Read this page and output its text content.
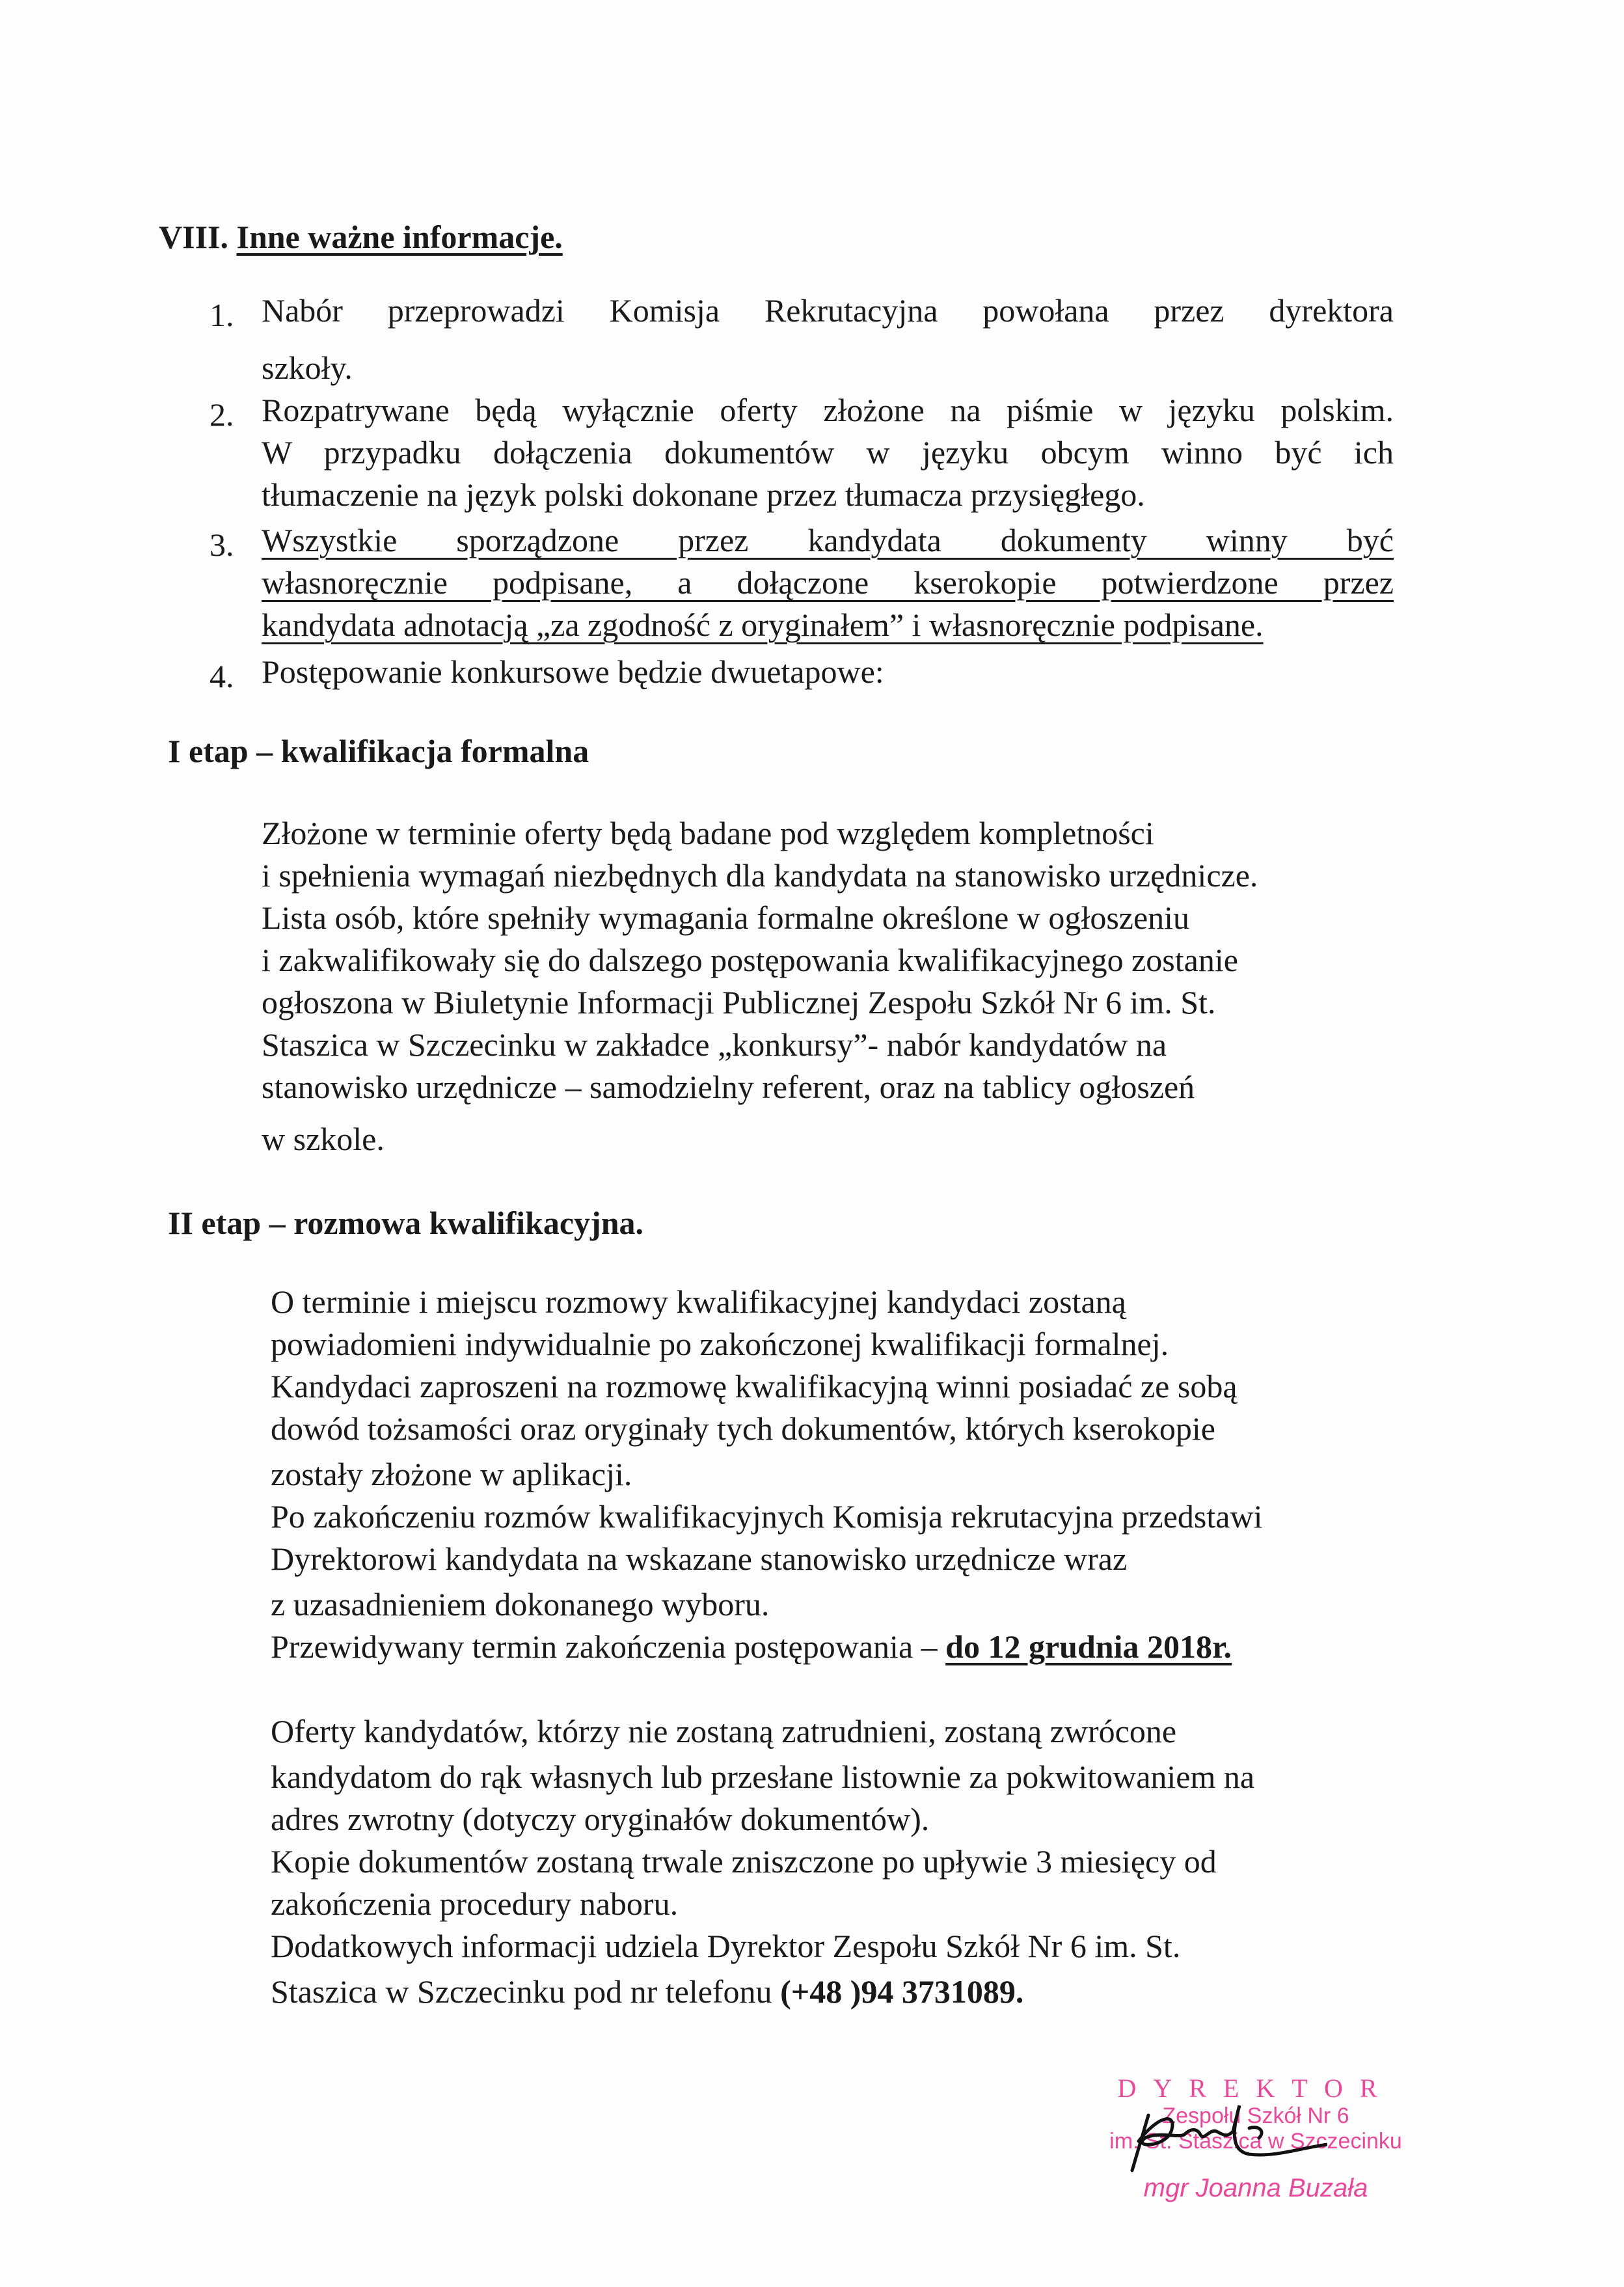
VIII. Inne ważne informacje.
1. Nabór przeprowadzi Komisja Rekrutacyjna powołana przez dyrektora
szkoły.
2. Rozpatrywane będą wyłącznie oferty złożone na piśmie w języku polskim.
W przypadku dołączenia dokumentów w języku obcym winno być ich
tłumaczenie na język polski dokonane przez tłumacza przysięgłego.
3. Wszystkie sporządzone przez kandydata dokumenty winny być
własnoręcznie podpisane, a dołączone kserokopie potwierdzone przez
kandydata adnotacją „za zgodność z oryginałem” i własnoręcznie podpisane.
4. Postępowanie konkursowe będzie dwuetapowe:
I etap – kwalifikacja formalna
Złożone w terminie oferty będą badane pod względem kompletności
i spełnienia wymagań niezbędnych dla kandydata na stanowisko urzędnicze.
Lista osób, które spełniły wymagania formalne określone w ogłoszeniu
i zakwalifikowały się do dalszego postępowania kwalifikacyjnego zostanie
ogłoszona w Biuletynie Informacji Publicznej Zespołu Szkół Nr 6 im. St.
Staszica w Szczecinku w zakładce „konkursy”- nabór kandydatów na
stanowisko urzędnicze – samodzielny referent, oraz na tablicy ogłoszeń
w szkole.
II etap – rozmowa kwalifikacyjna.
O terminie i miejscu rozmowy kwalifikacyjnej kandydaci zostaną
powiadomieni indywidualnie po zakończonej kwalifikacji formalnej.
Kandydaci zaproszeni na rozmowę kwalifikacyjną winni posiadać ze sobą
dowód tożsamości oraz oryginały tych dokumentów, których kserokopie
zostały złożone w aplikacji.
Po zakończeniu rozmów kwalifikacyjnych Komisja rekrutacyjna przedstawi
Dyrektorowi kandydata na wskazane stanowisko urzędnicze wraz
z uzasadnieniem dokonanego wyboru.
Przewidywany termin zakończenia postępowania – do 12 grudnia 2018r.
Oferty kandydatów, którzy nie zostaną zatrudnieni, zostaną zwrócone
kandydatom do rąk własnych lub przesłane listownie za pokwitowaniem na
adres zwrotny (dotyczy oryginałów dokumentów).
Kopie dokumentów zostaną trwale zniszczone po upływie 3 miesięcy od
zakończenia procedury naboru.
Dodatkowych informacji udziela Dyrektor Zespołu Szkół Nr 6 im. St.
Staszica w Szczecinku pod nr telefonu (+48 )94 3731089.
DYREKTOR
Zespołu Szkół Nr 6
im. St. Staszica w Szczecinku
mgr Joanna Buzała
